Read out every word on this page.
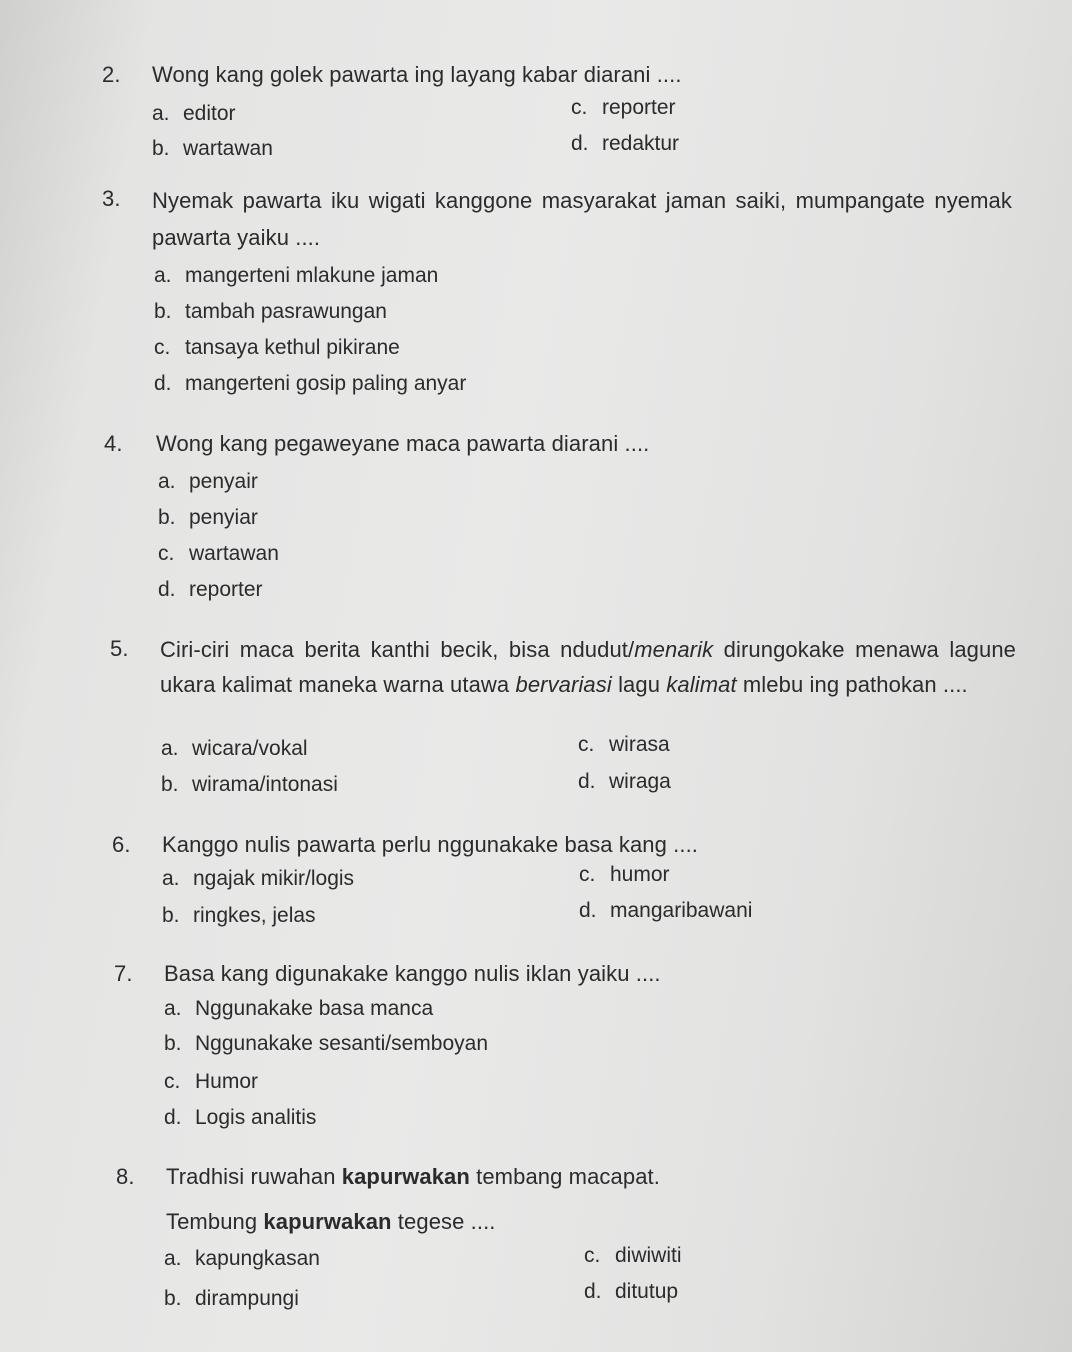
2. Wong kang golek pawarta ing layang kabar diarani ....
a. editor
b. wartawan
c. reporter
d. redaktur
3. Nyemak pawarta iku wigati kanggone masyarakat jaman saiki, mumpangate nyemak pawarta yaiku ....
a. mangerteni mlakune jaman
b. tambah pasrawungan
c. tansaya kethul pikirane
d. mangerteni gosip paling anyar
4. Wong kang pegaweyane maca pawarta diarani ....
a. penyair
b. penyiar
c. wartawan
d. reporter
5. Ciri-ciri maca berita kanthi becik, bisa ndudut/menarik dirungokake menawa lagune ukara kalimat maneka warna utawa bervariasi lagu kalimat mlebu ing pathokan ....
a. wicara/vokal
b. wirama/intonasi
c. wirasa
d. wiraga
6. Kanggo nulis pawarta perlu nggunakake basa kang ....
a. ngajak mikir/logis
b. ringkes, jelas
c. humor
d. mangaribawani
7. Basa kang digunakake kanggo nulis iklan yaiku ....
a. Nggunakake basa manca
b. Nggunakake sesanti/semboyan
c. Humor
d. Logis analitis
8. Tradhisi ruwahan kapurwakan tembang macapat.
Tembung kapurwakan tegese ....
a. kapungkasan
b. dirampungi
c. diwiwiti
d. ditutup
